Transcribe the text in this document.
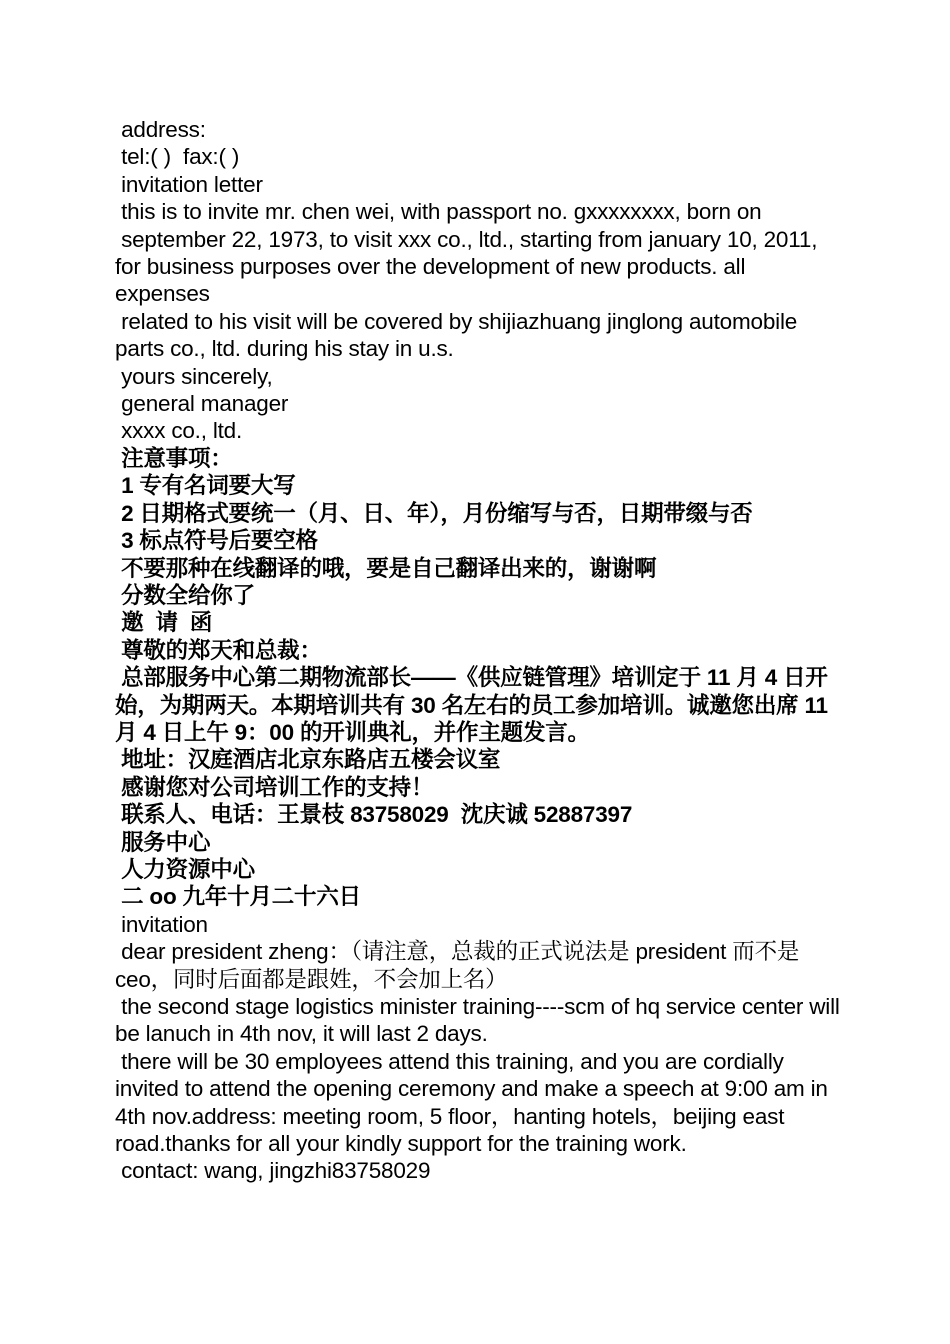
address:

tel:( )  fax:( )

invitation letter

this is to invite mr. chen wei, with passport no. gxxxxxxxx, born on

september 22, 1973, to visit xxx co., ltd., starting from january 10, 2011, for business purposes over the development of new products. all expenses

related to his visit will be covered by shijiazhuang jinglong automobile parts co., ltd. during his stay in u.s.

yours sincerely,

general manager

xxxx co., ltd.

注意事项：

1 专有名词要大写

2 日期格式要统一（月、日、年），月份缩写与否，日期带缀与否

3 标点符号后要空格

不要那种在线翻译的哦，要是自己翻译出来的，谢谢啊

分数全给你了

邀  请  函

尊敬的郑天和总裁：

总部服务中心第二期物流部长——《供应链管理》培训定于 11 月 4 日开始，为期两天。本期培训共有 30 名左右的员工参加培训。诚邀您出席 11 月 4 日上午 9：00 的开训典礼，并作主题发言。

地址：汉庭酒店北京东路店五楼会议室

感谢您对公司培训工作的支持！

联系人、电话：王景枝 83758029  沈庆诚 52887397

服务中心

人力资源中心

二 oo 九年十月二十六日

invitation

dear president zheng：（请注意，总裁的正式说法是 president 而不是 ceo，同时后面都是跟姓，不会加上名）

the second stage logistics minister training----scm of hq service center will be lanuch in 4th nov, it will last 2 days.

there will be 30 employees attend this training, and you are cordially invited to attend the opening ceremony and make a speech at 9:00 am in 4th nov.address: meeting room, 5 floor，hanting hotels，beijing east road.thanks for all your kindly support for the training work.

contact: wang, jingzhi83758029
